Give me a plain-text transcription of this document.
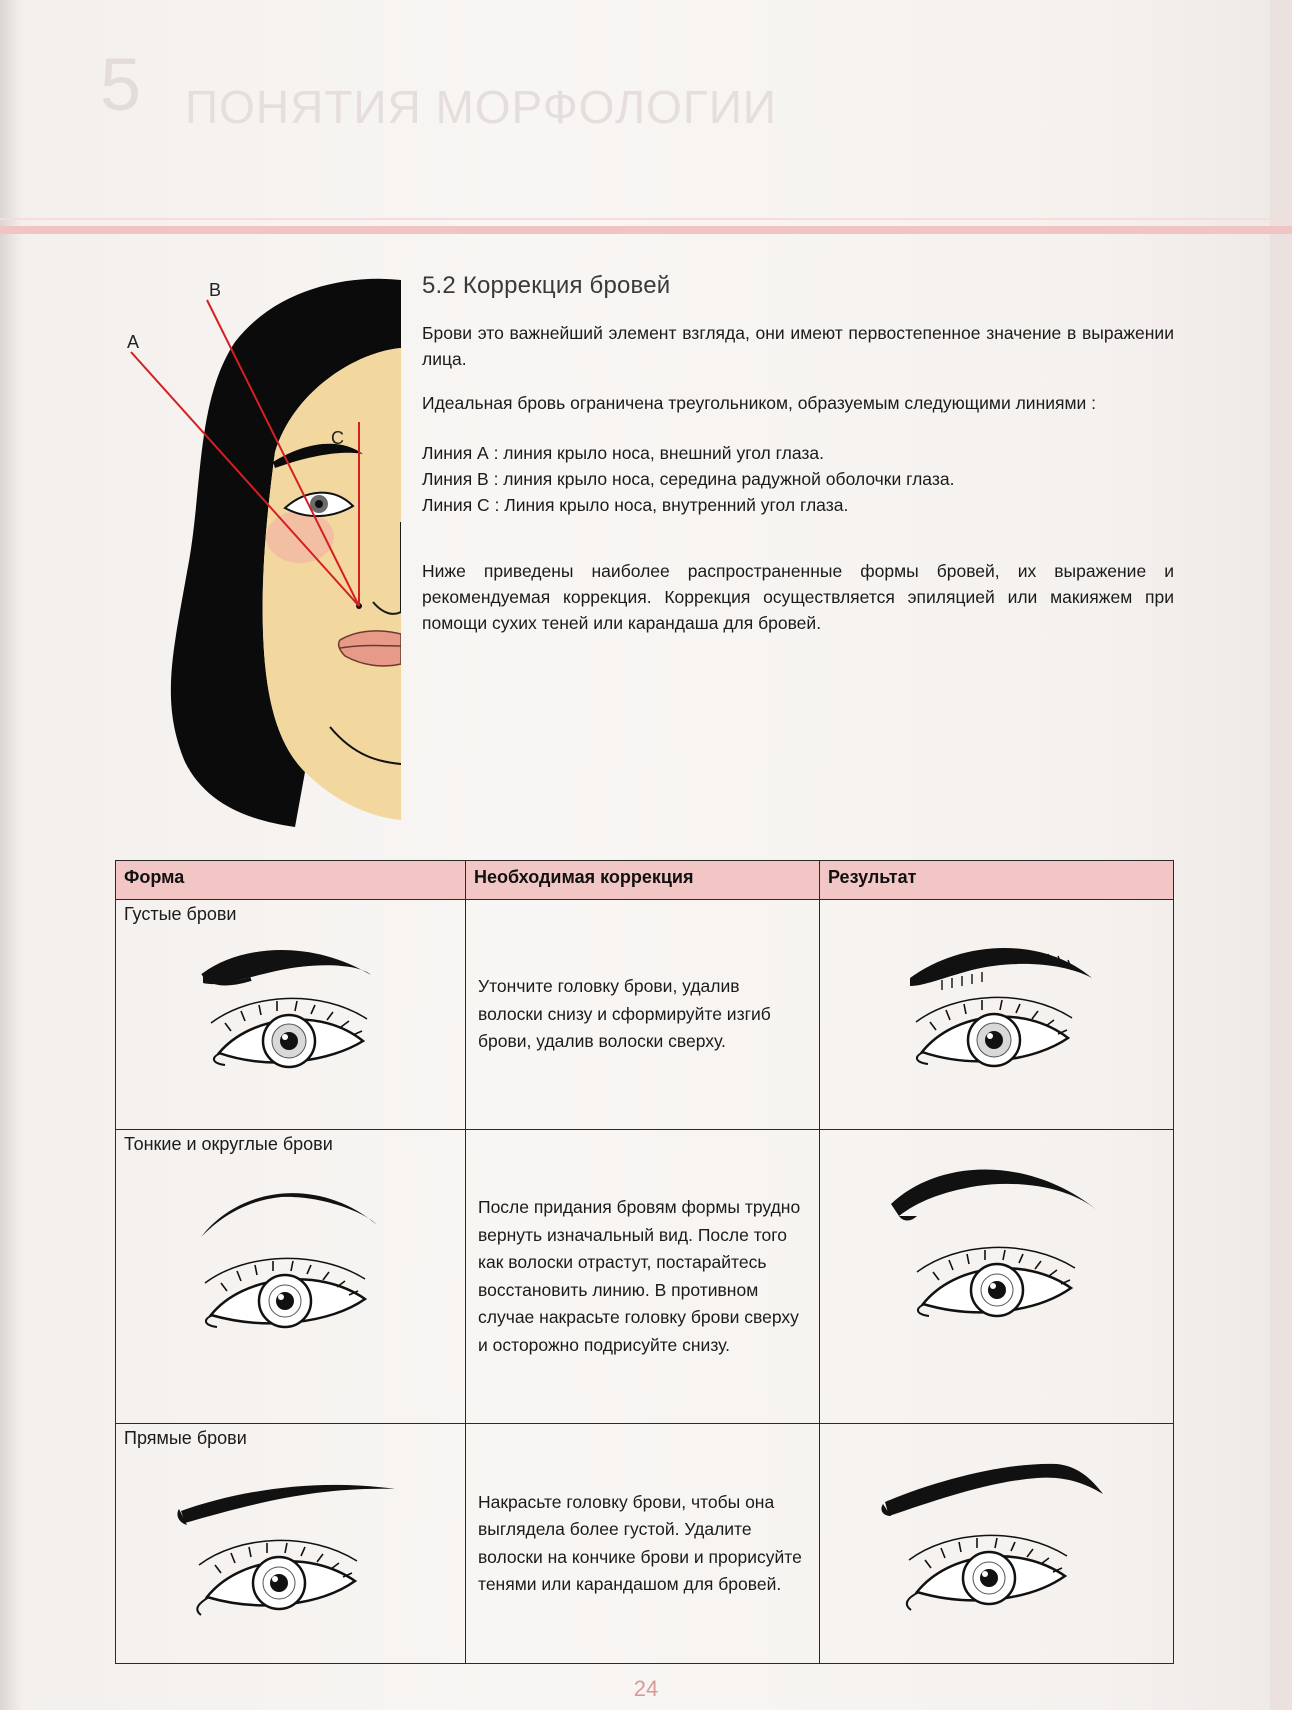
5 ПОНЯТИЯ МОРФОЛОГИИ
A
B
C
5.2 Коррекция бровей

Брови это важнейший элемент взгляда, они имеют первостепенное значение в выражении лица.

Идеальная бровь ограничена треугольником, образуемым следующими линиями :

Линия А : линия крыло носа, внешний угол глаза.
Линия В : линия крыло носа, середина радужной оболочки глаза.
Линия С : Линия крыло носа, внутренний угол глаза.

Ниже приведены наиболее распространенные формы бровей, их выражение и рекомендуемая коррекция. Коррекция осуществляется эпиляцией или макияжем при помощи сухих теней или карандаша для бровей.

Форма	Необходимая коррекция	Результат

Густые брови	Утончите головку брови, удалив волоски снизу и сформируйте изгиб брови, удалив волоски сверху.

Тонкие и округлые брови	После придания бровям формы трудно вернуть изначальный вид. После того как волоски отрастут, постарайтесь восстановить линию. В противном случае накрасьте головку брови сверху и осторожно подрисуйте снизу.

Прямые брови	Накрасьте головку брови, чтобы она выглядела более густой. Удалите волоски на кончике брови и прорисуйте тенями или карандашом для бровей.

24
